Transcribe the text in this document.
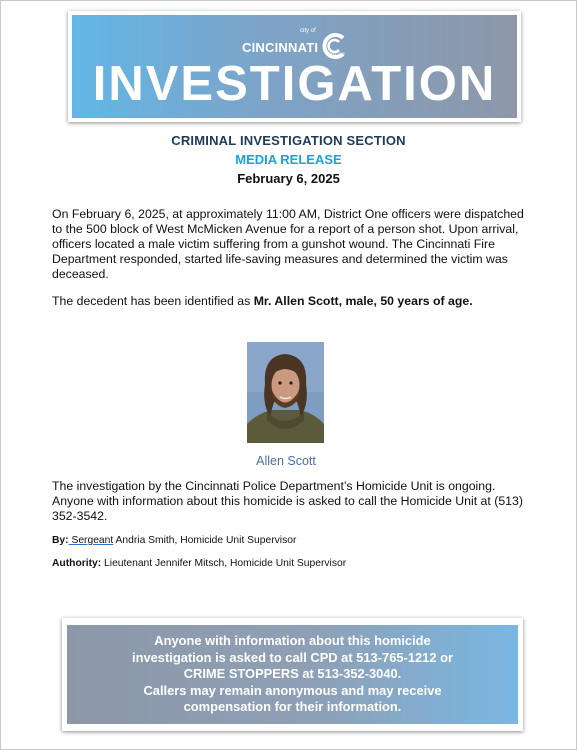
city of
CINCINNATI POLICE
INVESTIGATION
CRIMINAL INVESTIGATION SECTION
MEDIA RELEASE
February 6, 2025

On February 6, 2025, at approximately 11:00 AM, District One officers were dispatched to the 500 block of West McMicken Avenue for a report of a person shot. Upon arrival, officers located a male victim suffering from a gunshot wound. The Cincinnati Fire Department responded, started life-saving measures and determined the victim was deceased.

The decedent has been identified as Mr. Allen Scott, male, 50 years of age.

Allen Scott

The investigation by the Cincinnati Police Department’s Homicide Unit is ongoing. Anyone with information about this homicide is asked to call the Homicide Unit at (513) 352-3542.

By: Sergeant Andria Smith, Homicide Unit Supervisor
Authority: Lieutenant Jennifer Mitsch, Homicide Unit Supervisor
Anyone with information about this homicide
investigation is asked to call CPD at 513-765-1212 or
CRIME STOPPERS at 513-352-3040.
Callers may remain anonymous and may receive
compensation for their information.
